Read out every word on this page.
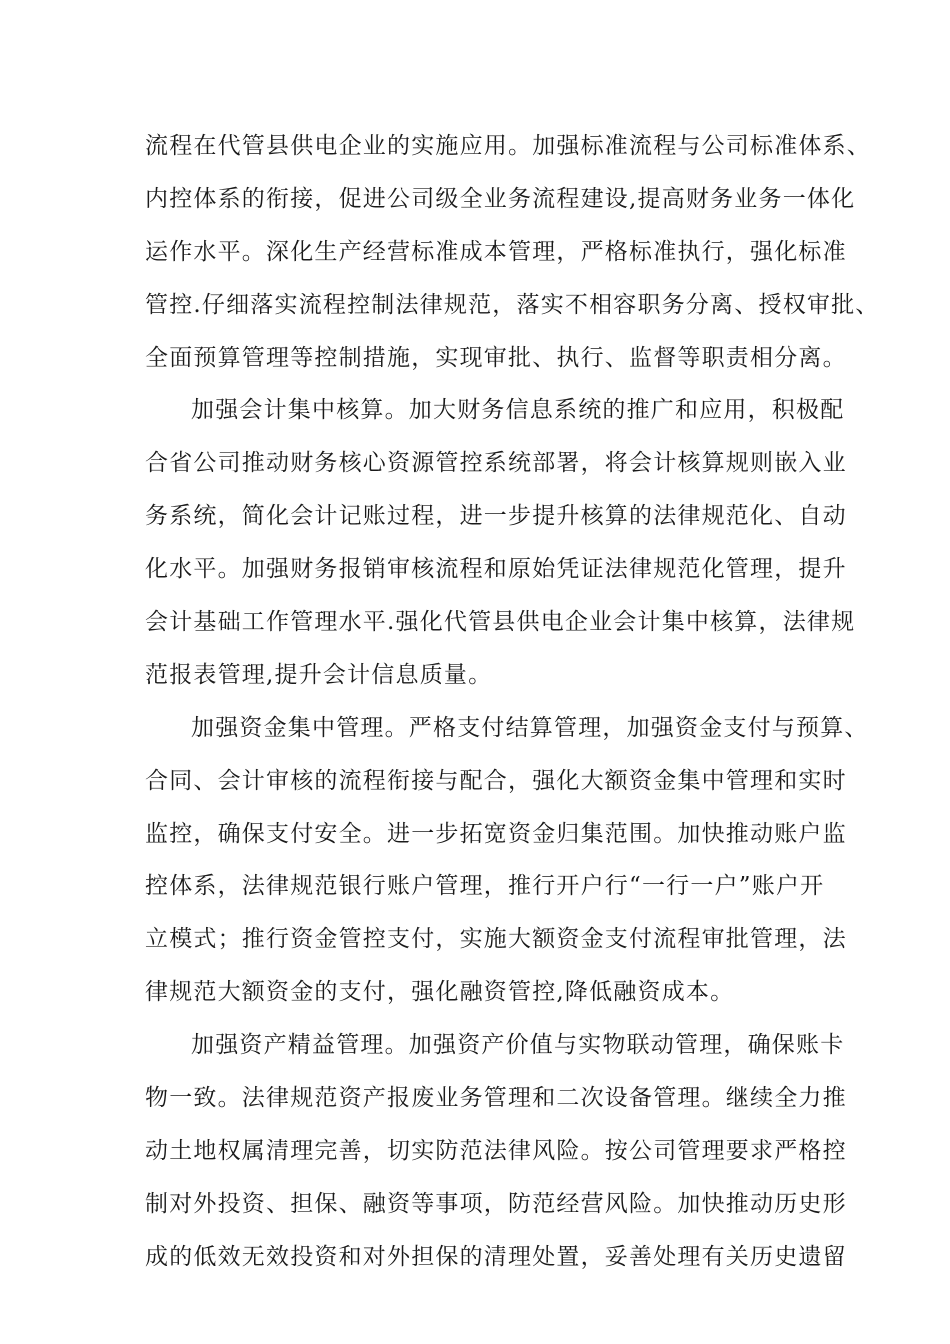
流程在代管县供电企业的实施应用。加强标准流程与公司标准体系、
内控体系的衔接，促进公司级全业务流程建设,提高财务业务一体化
运作水平。深化生产经营标准成本管理，严格标准执行，强化标准
管控.仔细落实流程控制法律规范，落实不相容职务分离、授权审批、
全面预算管理等控制措施，实现审批、执行、监督等职责相分离。
加强会计集中核算。加大财务信息系统的推广和应用，积极配
合省公司推动财务核心资源管控系统部署，将会计核算规则嵌入业
务系统，简化会计记账过程，进一步提升核算的法律规范化、自动
化水平。加强财务报销审核流程和原始凭证法律规范化管理，提升
会计基础工作管理水平.强化代管县供电企业会计集中核算，法律规
范报表管理,提升会计信息质量。
加强资金集中管理。严格支付结算管理，加强资金支付与预算、
合同、会计审核的流程衔接与配合，强化大额资金集中管理和实时
监控，确保支付安全。进一步拓宽资金归集范围。加快推动账户监
控体系，法律规范银行账户管理，推行开户行“一行一户”账户开
立模式；推行资金管控支付，实施大额资金支付流程审批管理，法
律规范大额资金的支付，强化融资管控,降低融资成本。
加强资产精益管理。加强资产价值与实物联动管理，确保账卡
物一致。法律规范资产报废业务管理和二次设备管理。继续全力推
动土地权属清理完善，切实防范法律风险。按公司管理要求严格控
制对外投资、担保、融资等事项，防范经营风险。加快推动历史形
成的低效无效投资和对外担保的清理处置，妥善处理有关历史遗留
